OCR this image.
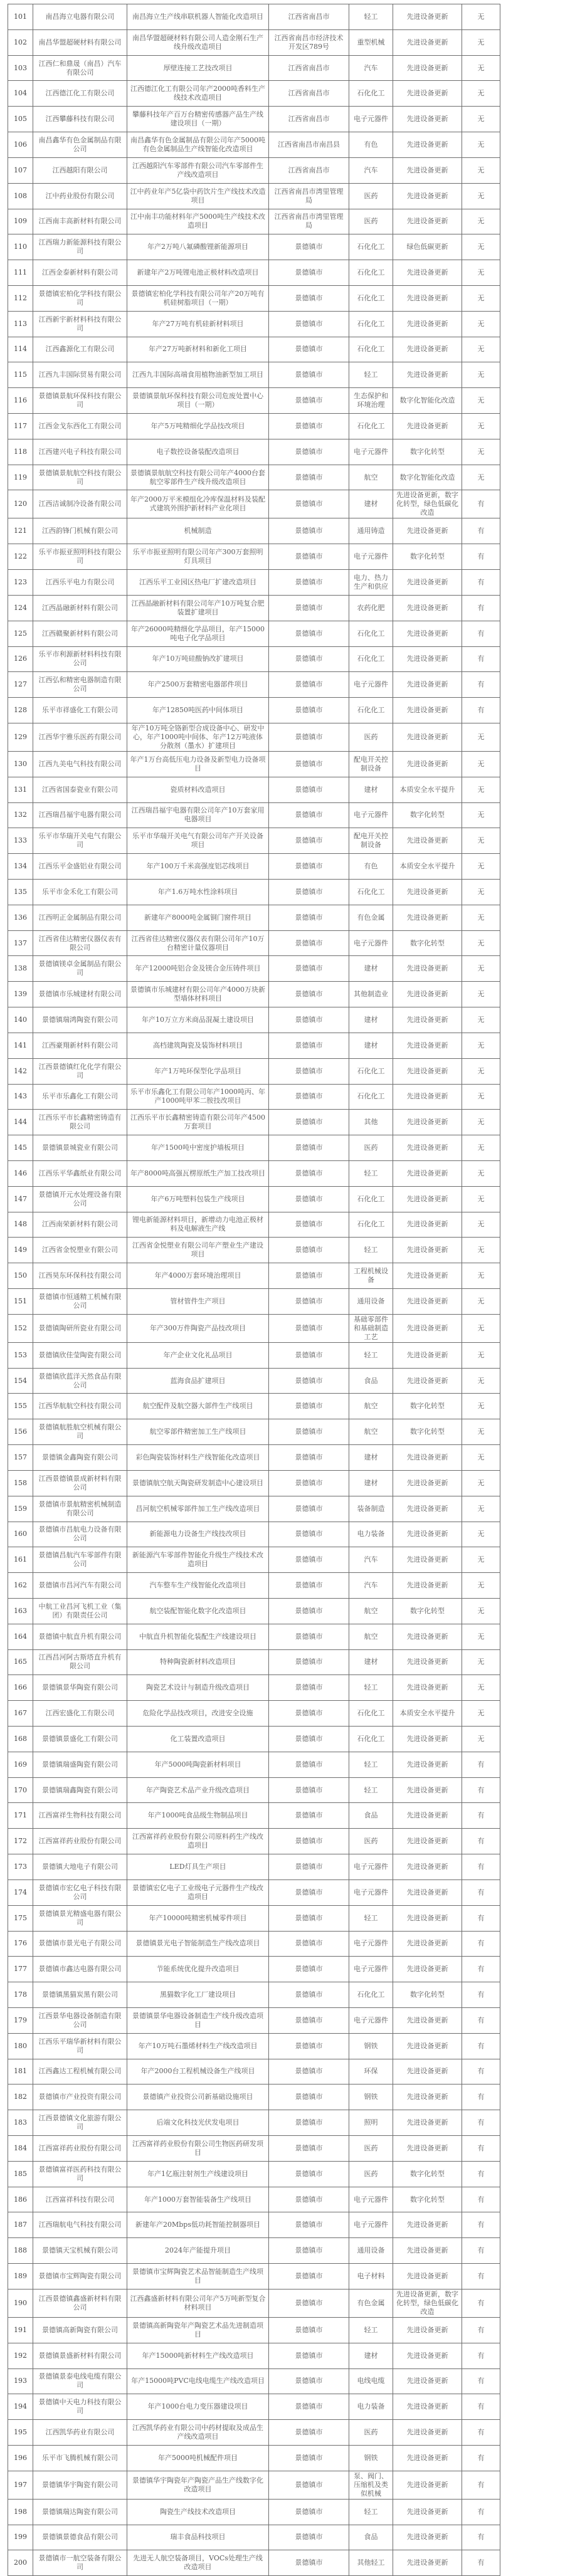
101	南昌海立电器有限公司	南昌海立生产线串联机器人智能化改造项目	江西省南昌市	轻工	先进设备更新	无
102	南昌华盟超硬材料有限公司	南昌华盟超硬材料有限公司人造金刚石生产线升级改造项目	江西省南昌市经济技术开发区789号	重型机械	先进设备更新	无
103	江西仁和鼎晟（南昌）汽车有限公司	厚壁连接工艺技改项目	江西省南昌市	汽车	先进设备更新	无
104	江西德江化工有限公司	江西德江化工有限公司年产2000吨香料生产线技术改造项目	江西省南昌市	石化化工	先进设备更新	无
105	江西攀藤科技有限公司	攀藤科技年产百万台精密传感器产品生产线建设项目（一期）	江西省南昌市	电子元器件	先进设备更新	无
106	南昌鑫华有色金属制品有限公司	南昌鑫华有色金属制品有限公司年产5000吨有色金属制品生产线智能化改造项目	江西省南昌市南昌县	有色	先进设备更新	无
107	江西越阳有限公司	江西越阳汽车零部件有限公司汽车零部件生产线改造项目	江西省南昌市	汽车	先进设备更新	无
108	江中药业股份有限公司	江中药业年产5亿袋中药饮片生产线技术改造项目	江西省南昌市湾里管理局	医药	先进设备更新	无
109	江西南丰高新材料有限公司	江中南丰功能材料年产5000吨生产线技术改造项目	江西省南昌市湾里管理局	医药	先进设备更新	无
110	江西瑞力新能源科技有限公司	年产2万吨八氟磷酸锂新能源项目	景德镇市	石化化工	绿色低碳更新	无
111	江西金泰新材料有限公司	新建年产2万吨锂电池正极材料改造项目	景德镇市	石化化工	先进设备更新	无
112	景德镇宏柏化学科技有限公司	景德镇宏柏化学科技有限公司年产20万吨有机硅树脂项目（一期）	景德镇市	石化化工	先进设备更新	无
113	江西新宇新材料科技有限公司	年产27万吨有机硅新材料项目	景德镇市	石化化工	先进设备更新	无
114	江西鑫源化工有限公司	年产27万吨新材料和新化工项目	景德镇市	石化化工	先进设备更新	无
115	江西九丰国际贸易有限公司	江西九丰国际高端食用植物油新型加工项目	景德镇市	轻工	先进设备更新	无
116	景德镇景航环保科技有限公司	景德镇景航环保科技有限公司危废处置中心项目（一期）	景德镇市	生态保护和环境治理	数字化智能化改造	无
117	江西金戈东西化工有限公司	年产5万吨精细化学品技改项目	景德镇市	石化化工	先进设备更新	无
118	江西建兴电子科技有限公司	电子数控设备装配改造项目	景德镇市	电子元器件	数字化转型	无
119	景德镇景航航空科技有限公司	景德镇景航航空科技有限公司年产4000台套航空零部件生产线升级改造项目	景德镇市	航空	数字化智能化改造	无
120	江西洁诚制冷设备有限公司	年产2000万平米模组化冷库保温材料及装配式建筑外围护新材料产业化项目	景德镇市	建材	先进设备更新，数字化转型，绿色低碳化改造	有
121	江西韵锋门机械有限公司	机械制造	景德镇市	通用铸造	先进设备更新	有
122	乐平市振亚照明科技有限公司	乐平市振亚照明有限公司年产300万套照明灯具项目	景德镇市	电子元器件	数字化转型	有
123	江西乐平电力有限公司	江西乐平工业园区热电厂扩建改造项目	景德镇市	电力、热力生产和供应	先进设备更新	有
124	江西晶融新材料有限公司	江西晶融新材料有限公司年产10万吨复合肥装置扩建项目	景德镇市	农药化肥	先进设备更新	有
125	江西赣聚新材料有限公司	年产26000吨精细化学品项目，年产15000吨电子化学品项目	景德镇市	石化化工	先进设备更新	有
126	乐平市利源新材料科技有限公司	年产10万吨硅酸钠改扩建项目	景德镇市	石化化工	先进设备更新	有
127	江西弘和精密电器制造有限公司	年产2500万套精密电器部件项目	景德镇市	电子元器件	先进设备更新	有
128	乐平市祥盛化工有限公司	年产12850吨医药中间体项目	景德镇市	石化化工	先进设备更新	有
129	江西华宇雅乐医药有限公司	年产10万吨全铬新型合成设备中心、研发中心，年产1000吨中间体、年产12万吨液体分散剂（墨水）扩建项目	景德镇市	医药	先进设备更新	无
130	江西九美电气科技有限公司	年产1万台高低压电力设备及新型电力设备项目	景德镇市	配电开关控制设备	先进设备更新	无
131	江西省国泰瓷业有限公司	瓷质材料改造项目	景德镇市	建材	本质安全水平提升	无
132	江西瑞昌福宇电器有限公司	江西瑞昌福宇电器有限公司年产10万套家用电器项目	景德镇市	电子元器件	数字化转型	无
133	乐平市华瑞开关电气有限公司	乐平市华瑞开关电气有限公司年产开关设备项目	景德镇市	配电开关控制设备	先进设备更新	无
134	江西乐平金盛铝业有限公司	年产100万千米高强度铝芯线项目	景德镇市	有色	本质安全水平提升	无
135	乐平市金禾化工有限公司	年产1.6万吨水性涂料项目	景德镇市	石化化工	先进设备更新	无
136	江西明正金属制品有限公司	新建年产8000吨金属铜门窗件项目	景德镇市	有色金属	先进设备更新	无
137	江西省佳达精密仪器仪表有限公司	江西省佳达精密仪器仪表有限公司年产10万台精密计量仪器项目	景德镇市	电子元器件	数字化转型	无
138	景德镇镁卓金属制品有限公司	年产12000吨铝合金及镁合金压铸件项目	景德镇市	建材	先进设备更新	无
139	景德镇市乐城建材有限公司	景德镇市乐城建材有限公司年产4000万块新型墙体材料项目	景德镇市	其他制造业	先进设备更新	无
140	景德镇瑞鸿陶瓷有限公司	年产10万立方米商品混凝土建设项目	景德镇市	建材	先进设备更新	无
141	江西豪翔新材料有限公司	高档建筑陶瓷及装饰材料项目	景德镇市	建材	先进设备更新	无
142	江西景德镇红化化学有限公司	年产1万吨环保型化学品项目	景德镇市	石化化工	先进设备更新	无
143	乐平市乐鑫化工有限公司	乐平市乐鑫化工有限公司年产1000吨丙、年产1000吨甲苯二胺技改项目	景德镇市	石化化工	先进设备更新	无
144	江西乐平市长鑫精密铸造有限公司	江西乐平市长鑫精密铸造有限公司年产4500万套项目	景德镇市	其他	先进设备更新	无
145	景德镇景城瓷业有限公司	年产1500吨中密度护墙板项目	景德镇市	医药	先进设备更新	无
146	江西乐平华鑫纸业有限公司	年产8000吨高强瓦楞原纸生产加工技改项目	景德镇市	轻工	先进设备更新	无
147	景德镇开元水处理设备有限公司	年产6万吨塑料包装生产线项目	景德镇市	石化化工	先进设备更新	无
148	江西南荣新材料有限公司	锂电新能源材料项目，新增动力电池正极材料及电解液生产线	景德镇市	石化化工	先进设备更新	无
149	江西省金悦塑业有限公司	江西省金悦塑业有限公司年产塑业生产建设项目	景德镇市	轻工	先进设备更新	无
150	江西昊东环保科技有限公司	年产4000万套环境治理项目	景德镇市	工程机械设备	先进设备更新	无
151	景德镇市恒通精工机械有限公司	管材管件生产项目	景德镇市	通用设备	先进设备更新	无
152	景德镇陶研所瓷业有限公司	年产300万件陶瓷产品技改项目	景德镇市	基础零部件和基础制造工艺	先进设备更新	无
153	景德镇欣佳莹陶瓷有限公司	年产企业文化礼品项目	景德镇市	轻工	先进设备更新	无
154	景德镇欣蓝洋天然食品有限公司	蓝海食品扩建项目	景德镇市	食品	先进设备更新	无
155	江西华航航空科技有限公司	航空配件及航空器大部件生产线项目	景德镇市	航空	数字化转型	无
156	景德镇航胜航空机械有限公司	航空零部件精密加工生产线项目	景德镇市	航空	数字化转型	无
157	景德镇金鑫陶瓷有限公司	彩色陶瓷装饰材料生产线智能化改造项目	景德镇市	建材	先进设备更新	无
158	江西景德镇景成新材料有限公司	景德镇航空航天陶瓷研发制造中心建设项目	景德镇市	建材	先进设备更新	无
159	景德镇市景航精密机械制造有限公司	昌河航空机械零部件加工生产线改造项目	景德镇市	装备制造	先进设备更新	无
160	景德镇市昌航电力设备有限公司	新能源电力设备生产线技改项目	景德镇市	电力装备	先进设备更新	无
161	景德镇昌航汽车零部件有限公司	新能源汽车零部件智能化升级生产线技术改造项目	景德镇市	汽车	先进设备更新	无
162	景德镇市昌河汽车有限公司	汽车整车生产线智能化改造项目	景德镇市	汽车	先进设备更新	无
163	中航工业昌河飞机工业（集团）有限责任公司	航空装配智能化数字化改造项目	景德镇市	航空	数字化转型	无
164	景德镇中航直升机有限公司	中航直升机智能化装配生产线建设项目	景德镇市	航空	先进设备更新	无
165	江西昌河阿古斯塔直升机有限公司	特种陶瓷新材料改造项目	景德镇市	建材	先进设备更新	无
166	景德镇景华陶瓷有限公司	陶瓷艺术设计与制造升级改造项目	景德镇市	轻工	先进设备更新	无
167	江西宏盛化工有限公司	危险化学品技改项目，改进安全设施	景德镇市	石化化工	本质安全水平提升	无
168	景德镇景盛化工有限公司	化工装置改造项目	景德镇市	石化化工	先进设备更新	无
169	景德镇瑞盛陶瓷有限公司	年产5000吨陶瓷新材料项目	景德镇市	轻工	先进设备更新	有
170	景德镇瑞鑫陶瓷有限公司	年产陶瓷艺术品产业升级改造项目	景德镇市	轻工	先进设备更新	有
171	江西富祥生物科技有限公司	年产1000吨食品级生物制品项目	景德镇市	食品	先进设备更新	有
172	江西富祥药业股份有限公司	江西富祥药业股份有限公司原料药生产线改造项目	景德镇市	医药	先进设备更新	有
173	景德镇大地电子有限公司	LED灯具生产项目	景德镇市	电子元器件	先进设备更新	有
174	景德镇市宏亿电子科技有限公司	景德镇宏亿电子工业级电子元器件生产线改造项目	景德镇市	电子元器件	先进设备更新	有
175	景德镇景光精盛电器有限公司	年产10000吨精密机械零件项目	景德镇市	轻工	先进设备更新	有
176	景德镇市景光电子有限公司	景德镇景光电子智能制造生产线改造项目	景德镇市	电子元器件	先进设备更新	有
177	景德镇市鑫达电器有限公司	节能系统优化提升改造项目	景德镇市	电子元器件	先进设备更新	有
178	景德镇黑猫炭黑有限公司	黑猫数字化工厂建设项目	景德镇市	石化化工	数字化转型	有
179	江西景华电器设备制造有限公司	景德镇景华电器设备制造生产线升级改造项目	景德镇市	电子元器件	先进设备更新	有
180	江西乐平瑞华新材料有限公司	年产10万吨石墨烯材料生产线改造项目	景德镇市	钢铁	先进设备更新	有
181	江西鑫达工程机械有限公司	年产2000台工程机械设备生产线项目	景德镇市	环保	先进设备更新	有
182	景德镇市产业投资有限公司	景德镇产业投资公司新基础设施项目	景德镇市	钢铁	先进设备更新	有
183	江西景德镇文化旅游有限公司	后端文化科技光伏发电项目	景德镇市	照明	先进设备更新	有
184	江西富祥药业股份有限公司	江西富祥药业股份有限公司生物医药研发项目	景德镇市	医药	先进设备更新	有
185	景德镇富祥医药科技有限公司	年产1亿瓶注射剂生产线建设项目	景德镇市	医药	数字化转型	有
186	江西富祥科技有限公司	年产1000万套智能装备生产线项目	景德镇市	电子元器件	数字化转型	有
187	江西瑞航电气科技有限公司	新建年产20Mbps低功耗智能控制器项目	景德镇市	电子元器件	先进设备更新	有
188	景德镇天宝机械有限公司	2024年产能提升项目	景德镇市	通用设备	先进设备更新	有
189	景德镇市宝辉陶瓷有限公司	景德镇市宝辉陶瓷艺术品智能制造生产线项目	景德镇市	电子材料	先进设备更新	有
190	江西景德镇鑫盛新材料有限公司	江西鑫盛新材料有限公司年产5万吨新型复合材料项目	景德镇市	有色金属	先进设备更新，数字化转型，绿色低碳化改造	有
191	景德镇高新陶瓷有限公司	景德镇高新陶瓷年产陶瓷艺术品先进制造项目	景德镇市	轻工	先进设备更新	有
192	景德镇景盛新材料有限公司	年产15000吨新材料生产线改造项目	景德镇市	建材	先进设备更新	有
193	景德镇景泰电线电缆有限公司	年产15000吨PVC电线电缆生产线改造项目	景德镇市	电线电缆	先进设备更新	有
194	景德镇中天电力科技有限公司	年产1000台电力变压器建设项目	景德镇市	电力装备	先进设备更新	有
195	江西凯华药业有限公司	江西凯华药业有限公司中药材提取及成品生产线改造项目	景德镇市	医药	先进设备更新	有
196	乐平市飞腾机械有限公司	年产5000吨机械配件项目	景德镇市	钢铁	先进设备更新	有
197	景德镇华宇陶瓷有限公司	景德镇华宇陶瓷年产陶瓷产品生产线数字化改造项目	景德镇市	泵、阀门、压缩机及类似机械	先进设备更新	有
198	景德镇瑞达陶瓷有限公司	陶瓷生产线技术改造项目	景德镇市	轻工	先进设备更新	有
199	景德镇景德食品有限公司	瑞丰食品科技项目	景德镇市	食品	先进设备更新	有
200	景德镇市一航空装备有限公司	先进无人航空装备项目，VOCs处理生产线改造项目	景德镇市	其他轻工	先进设备更新	有
